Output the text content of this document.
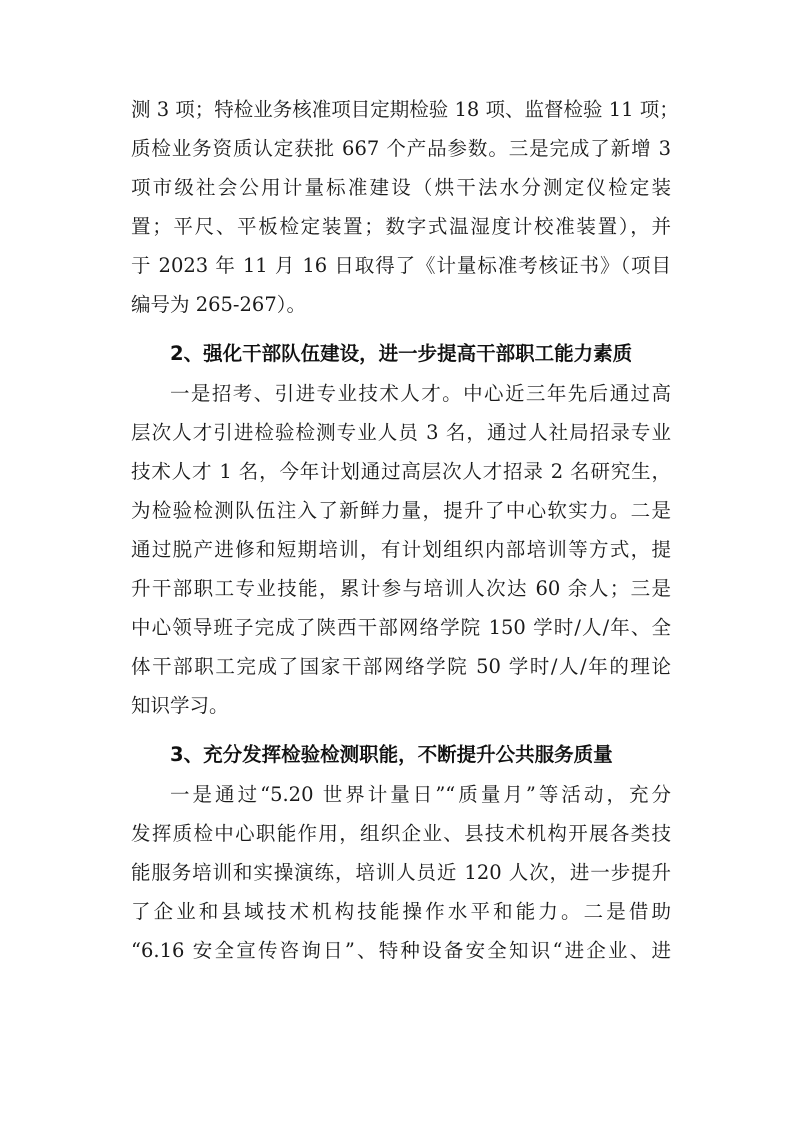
测 3 项；特检业务核准项目定期检验 18 项、监督检验 11 项；
质检业务资质认定获批 667 个产品参数。三是完成了新增 3
项市级社会公用计量标准建设（烘干法水分测定仪检定装
置；平尺、平板检定装置；数字式温湿度计校准装置），并
于 2023 年 11 月 16 日取得了《计量标准考核证书》（项目
编号为 265-267）。
2、强化干部队伍建设，进一步提高干部职工能力素质
一是招考、引进专业技术人才。中心近三年先后通过高
层次人才引进检验检测专业人员 3 名，通过人社局招录专业
技术人才 1 名，今年计划通过高层次人才招录 2 名研究生，
为检验检测队伍注入了新鲜力量，提升了中心软实力。二是
通过脱产进修和短期培训，有计划组织内部培训等方式，提
升干部职工专业技能，累计参与培训人次达 60 余人；三是
中心领导班子完成了陕西干部网络学院 150 学时/人/年、全
体干部职工完成了国家干部网络学院 50 学时/人/年的理论
知识学习。
3、充分发挥检验检测职能，不断提升公共服务质量
一是通过“5.20 世界计量日”“质量月”等活动，充分
发挥质检中心职能作用，组织企业、县技术机构开展各类技
能服务培训和实操演练，培训人员近 120 人次，进一步提升
了企业和县域技术机构技能操作水平和能力。二是借助
“6.16 安全宣传咨询日”、特种设备安全知识“进企业、进
